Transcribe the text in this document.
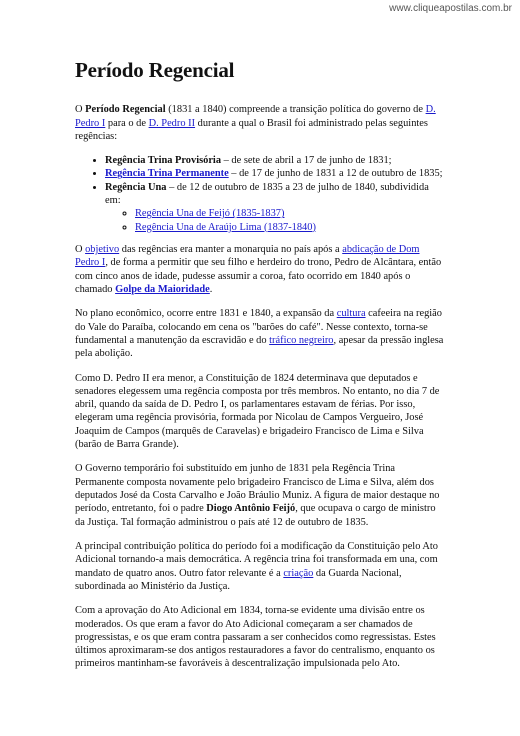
www.cliqueapostilas.com.br
Período Regencial

O Período Regencial (1831 a 1840) compreende a transição política do governo de D. Pedro I para o de D. Pedro II durante a qual o Brasil foi administrado pelas seguintes regências:

• Regência Trina Provisória – de sete de abril a 17 de junho de 1831;
• Regência Trina Permanente – de 17 de junho de 1831 a 12 de outubro de 1835;
• Regência Una – de 12 de outubro de 1835 a 23 de julho de 1840, subdividida em:
◦ Regência Una de Feijó (1835-1837)
◦ Regência Una de Araújo Lima (1837-1840)

O objetivo das regências era manter a monarquia no país após a abdicação de Dom Pedro I, de forma a permitir que seu filho e herdeiro do trono, Pedro de Alcântara, então com cinco anos de idade, pudesse assumir a coroa, fato ocorrido em 1840 após o chamado Golpe da Maioridade.

No plano econômico, ocorre entre 1831 e 1840, a expansão da cultura cafeeira na região do Vale do Paraíba, colocando em cena os "barões do café". Nesse contexto, torna-se fundamental a manutenção da escravidão e do tráfico negreiro, apesar da pressão inglesa pela abolição.

Como D. Pedro II era menor, a Constituição de 1824 determinava que deputados e senadores elegessem uma regência composta por três membros. No entanto, no dia 7 de abril, quando da saída de D. Pedro I, os parlamentares estavam de férias. Por isso, elegeram uma regência provisória, formada por Nicolau de Campos Vergueiro, José Joaquim de Campos (marquês de Caravelas) e brigadeiro Francisco de Lima e Silva (barão de Barra Grande).

O Governo temporário foi substituído em junho de 1831 pela Regência Trina Permanente composta novamente pelo brigadeiro Francisco de Lima e Silva, além dos deputados José da Costa Carvalho e João Bráulio Muniz. A figura de maior destaque no período, entretanto, foi o padre Diogo Antônio Feijó, que ocupava o cargo de ministro da Justiça. Tal formação administrou o país até 12 de outubro de 1835.

A principal contribuição política do período foi a modificação da Constituição pelo Ato Adicional tornando-a mais democrática. A regência trina foi transformada em una, com mandato de quatro anos. Outro fator relevante é a criação da Guarda Nacional, subordinada ao Ministério da Justiça.

Com a aprovação do Ato Adicional em 1834, torna-se evidente uma divisão entre os moderados. Os que eram a favor do Ato Adicional começaram a ser chamados de progressistas, e os que eram contra passaram a ser conhecidos como regressistas. Estes últimos aproximaram-se dos antigos restauradores a favor do centralismo, enquanto os primeiros mantinham-se favoráveis à descentralização impulsionada pelo Ato.
